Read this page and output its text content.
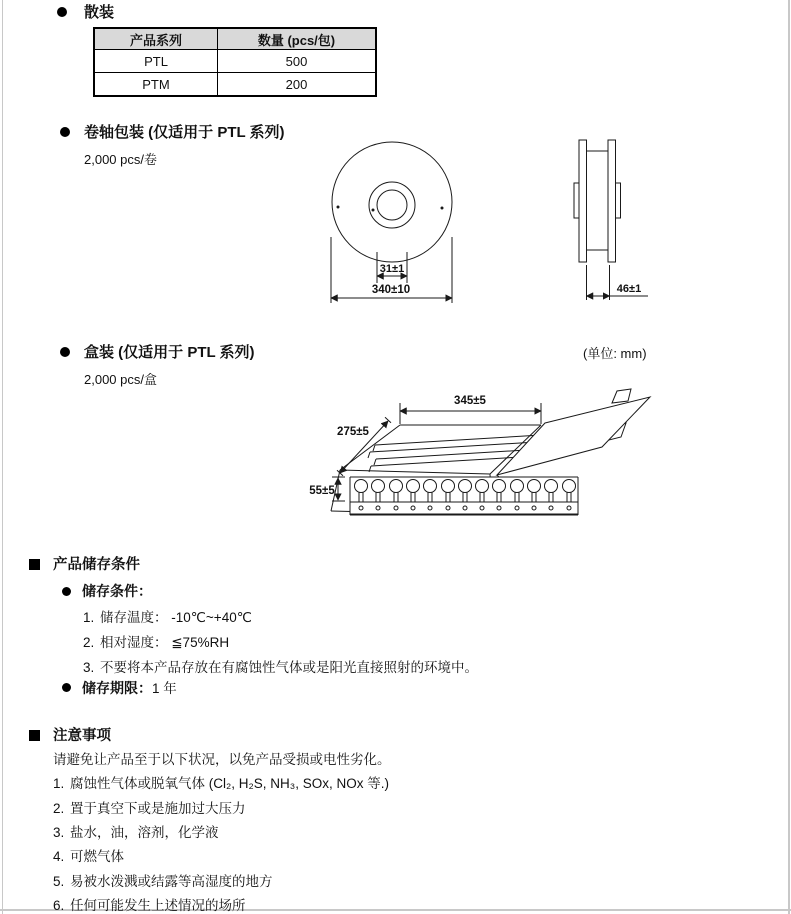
散装
产品系列	数量 (pcs/包)
PTL	500
PTM	200
卷轴包装 (仅适用于 PTL 系列)
2,000 pcs/卷
31±1
340±10	46±1
盒装 (仅适用于 PTL 系列)	(单位: mm)
2,000 pcs/盒
345±5
275±5
55±5
产品储存条件
储存条件：
1. 储存温度： -10℃~+40℃
2. 相对湿度： ≦75%RH
3. 不要将本产品存放在有腐蚀性气体或是阳光直接照射的环境中。
储存期限：1 年
注意事项
请避免让产品至于以下状况，以免产品受损或电性劣化。
1. 腐蚀性气体或脱氧气体 (Cl₂, H₂S, NH₃, SOx, NOx 等.)
2. 置于真空下或是施加过大压力
3. 盐水，油，溶剂，化学液
4. 可燃气体
5. 易被水泼溅或结露等高湿度的地方
6. 任何可能发生上述情况的场所
